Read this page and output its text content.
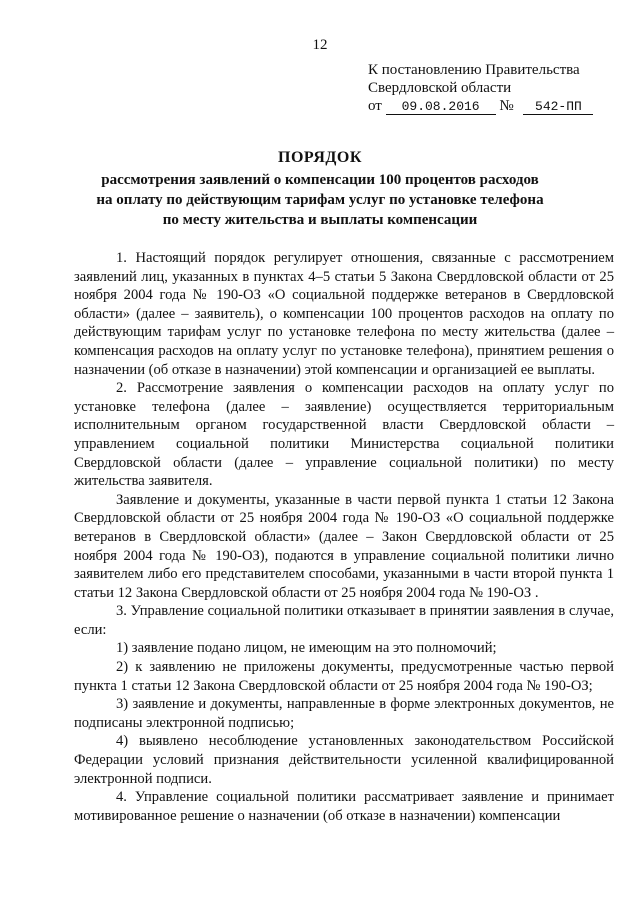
12
К постановлению Правительства
Свердловской области
от 09.08.2016 № 542-ПП
ПОРЯДОК
рассмотрения заявлений о компенсации 100 процентов расходов
на оплату по действующим тарифам услуг по установке телефона
по месту жительства и выплаты компенсации

1. Настоящий порядок регулирует отношения, связанные с рассмотрением заявлений лиц, указанных в пунктах 4–5 статьи 5 Закона Свердловской области от 25 ноября 2004 года № 190-ОЗ «О социальной поддержке ветеранов в Свердловской области» (далее – заявитель), о компенсации 100 процентов расходов на оплату по действующим тарифам услуг по установке телефона по месту жительства (далее – компенсация расходов на оплату услуг по установке телефона), принятием решения о назначении (об отказе в назначении) этой компенсации и организацией ее выплаты.

2. Рассмотрение заявления о компенсации расходов на оплату услуг по установке телефона (далее – заявление) осуществляется территориальным исполнительным органом государственной власти Свердловской области – управлением социальной политики Министерства социальной политики Свердловской области (далее – управление социальной политики) по месту жительства заявителя.

Заявление и документы, указанные в части первой пункта 1 статьи 12 Закона Свердловской области от 25 ноября 2004 года № 190-ОЗ «О социальной поддержке ветеранов в Свердловской области» (далее – Закон Свердловской области от 25 ноября 2004 года № 190-ОЗ), подаются в управление социальной политики лично заявителем либо его представителем способами, указанными в части второй пункта 1 статьи 12 Закона Свердловской области от 25 ноября 2004 года № 190-ОЗ .

3. Управление социальной политики отказывает в принятии заявления в случае, если:

1) заявление подано лицом, не имеющим на это полномочий;

2) к заявлению не приложены документы, предусмотренные частью первой пункта 1 статьи 12 Закона Свердловской области от 25 ноября 2004 года № 190-ОЗ;

3) заявление и документы, направленные в форме электронных документов, не подписаны электронной подписью;

4) выявлено несоблюдение установленных законодательством Российской Федерации условий признания действительности усиленной квалифицированной электронной подписи.

4. Управление социальной политики рассматривает заявление и принимает мотивированное решение о назначении (об отказе в назначении) компенсации
